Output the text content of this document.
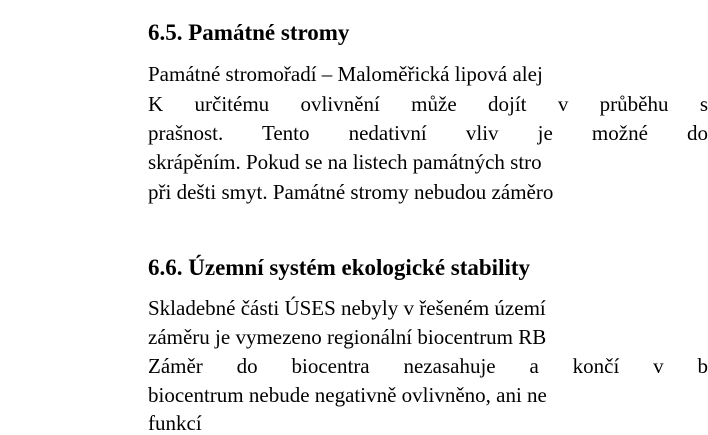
6.5. Památné stromy
Památné stromořadí – Maloměřická lipová alej
K určitému ovlivnění může dojít v průběhu s
prašnost. Tento nedativní vliv je možné do
skrápěním. Pokud se na listech památných stro
při dešti smyt. Památné stromy nebudou záměro
6.6. Územní systém ekologické stability
Skladebné části ÚSES nebyly v řešeném území
záměru je vymezeno regionální biocentrum RB
Záměr do biocentra nezasahuje a končí v b
biocentrum nebude negativně ovlivněno, ani ne
funkcí
